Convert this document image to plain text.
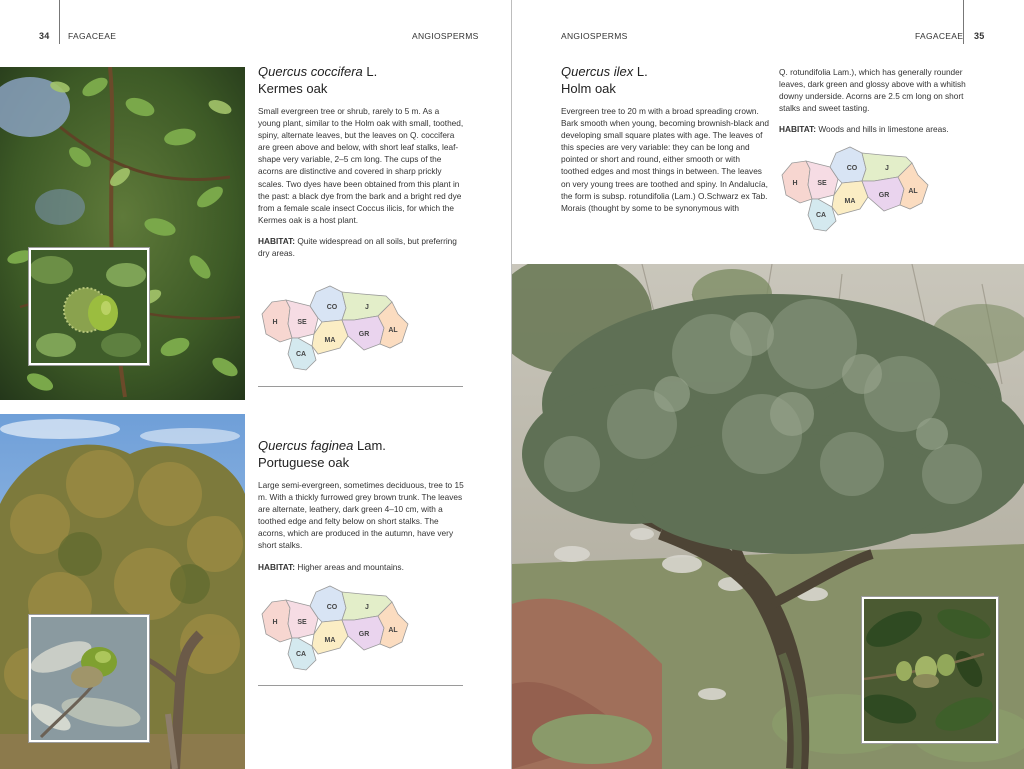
34 FAGACEAE	ANGIOSPERMS
Quercus coccifera L.
Kermes oak

Small evergreen tree or shrub, rarely to 5 m. As a young plant, similar to the Holm oak with small, toothed, spiny, alternate leaves, but the leaves on Q. coccifera are green above and below, with short leaf stalks, leaf-shape very variable, 2–5 cm long. The cups of the acorns are distinctive and covered in sharp prickly scales. Two dyes have been obtained from this plant in the past: a black dye from the bark and a bright red dye from a female scale insect Coccus ilicis, for which the Kermes oak is a host plant.

HABITAT: Quite widespread on all soils, but preferring dry areas.

H	SE
CO	J
CA
MA
GR
AL
Quercus faginea Lam.
Portuguese oak

Large semi-evergreen, sometimes deciduous, tree to 15 m. With a thickly furrowed grey brown trunk. The leaves are alternate, leathery, dark green 4–10 cm, with a toothed edge and felty below on short stalks. The acorns, which are produced in the autumn, have very short stalks.

HABITAT: Higher areas and mountains.

H	SE
CO	J
CA
MA
GR
AL
ANGIOSPERMS	FAGACEAE 35
Quercus ilex L.
Holm oak

Evergreen tree to 20 m with a broad spreading crown. Bark smooth when young, becoming brownish-black and developing small square plates with age. The leaves of this species are very variable: they can be long and pointed or short and round, either smooth or with toothed edges and most things in between. The leaves on very young trees are toothed and spiny. In Andalucía, the form is subsp. rotundifolia (Lam.) O.Schwarz ex Tab. Morais (thought by some to be synonymous with

Q. rotundifolia Lam.), which has generally rounder leaves, dark green and glossy above with a whitish downy underside. Acorns are 2.5 cm long on short stalks and sweet tasting.

HABITAT: Woods and hills in limestone areas.

H	SE
CO	J
CA
MA
GR
AL
